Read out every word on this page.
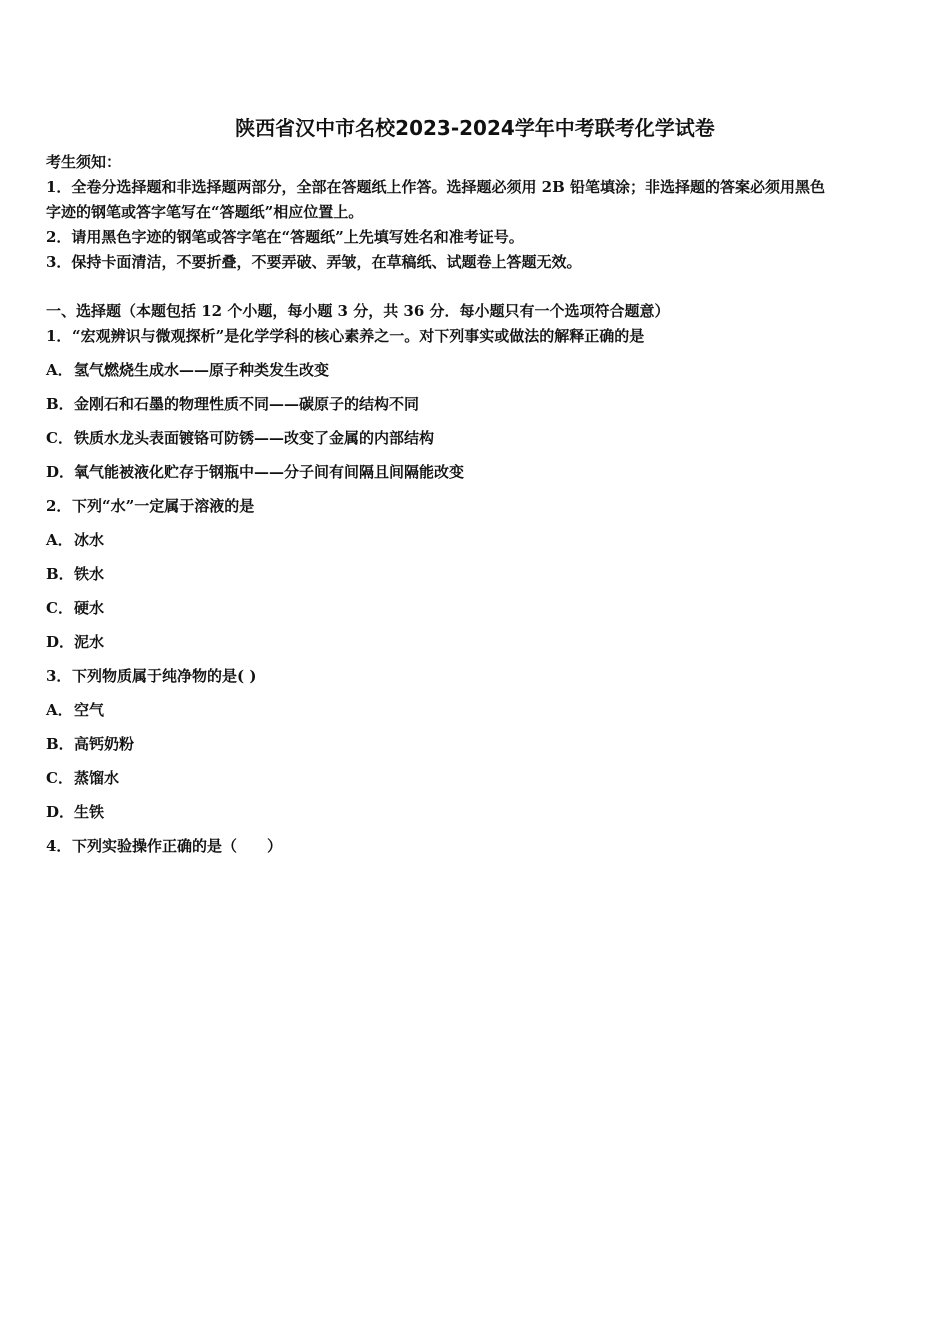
陕西省汉中市名校2023-2024学年中考联考化学试卷
考生须知：
1．全卷分选择题和非选择题两部分，全部在答题纸上作答。选择题必须用 2B 铅笔填涂；非选择题的答案必须用黑色
字迹的钢笔或答字笔写在“答题纸”相应位置上。
2．请用黑色字迹的钢笔或答字笔在“答题纸”上先填写姓名和准考证号。
3．保持卡面清洁，不要折叠，不要弄破、弄皱，在草稿纸、试题卷上答题无效。
一、选择题（本题包括 12 个小题，每小题 3 分，共 36 分．每小题只有一个选项符合题意）
1．“宏观辨识与微观探析”是化学学科的核心素养之一。对下列事实或做法的解释正确的是
A．氢气燃烧生成水——原子种类发生改变
B．金刚石和石墨的物理性质不同——碳原子的结构不同
C．铁质水龙头表面镀铬可防锈——改变了金属的内部结构
D．氧气能被液化贮存于钢瓶中——分子间有间隔且间隔能改变
2．下列“水”一定属于溶液的是
A．冰水
B．铁水
C．硬水
D．泥水
3．下列物质属于纯净物的是( )
A．空气
B．高钙奶粉
C．蒸馏水
D．生铁
4．下列实验操作正确的是（　　）
